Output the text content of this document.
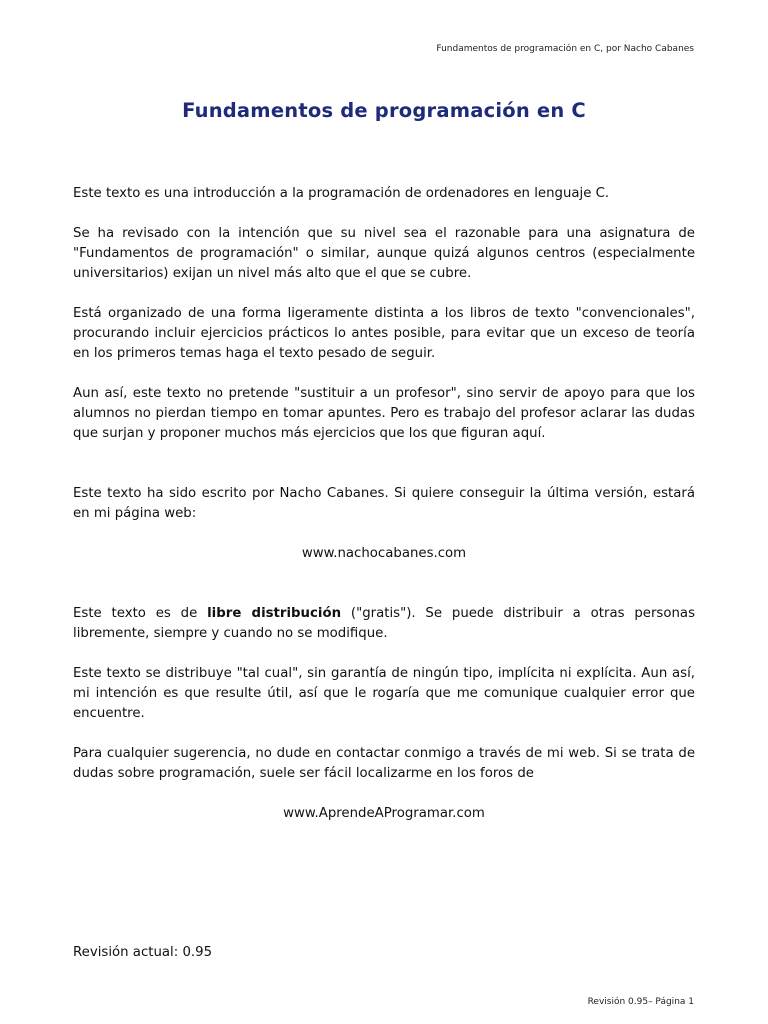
Fundamentos de programación en C, por Nacho Cabanes
Fundamentos de programación en C

Este texto es una introducción a la programación de ordenadores en lenguaje C.

Se ha revisado con la intención que su nivel sea el razonable para una asignatura de "Fundamentos de programación" o similar, aunque quizá algunos centros (especialmente universitarios) exijan un nivel más alto que el que se cubre.

Está organizado de una forma ligeramente distinta a los libros de texto "convencionales", procurando incluir ejercicios prácticos lo antes posible, para evitar que un exceso de teoría en los primeros temas haga el texto pesado de seguir.

Aun así, este texto no pretende "sustituir a un profesor", sino servir de apoyo para que los alumnos no pierdan tiempo en tomar apuntes. Pero es trabajo del profesor aclarar las dudas que surjan y proponer muchos más ejercicios que los que figuran aquí.

Este texto ha sido escrito por Nacho Cabanes. Si quiere conseguir la última versión, estará en mi página web:

www.nachocabanes.com

Este texto es de libre distribución ("gratis"). Se puede distribuir a otras personas libremente, siempre y cuando no se modifique.

Este texto se distribuye "tal cual", sin garantía de ningún tipo, implícita ni explícita. Aun así, mi intención es que resulte útil, así que le rogaría que me comunique cualquier error que encuentre.

Para cualquier sugerencia, no dude en contactar conmigo a través de mi web. Si se trata de dudas sobre programación, suele ser fácil localizarme en los foros de

www.AprendeAProgramar.com

Revisión actual: 0.95
Revisión 0.95– Página 1
